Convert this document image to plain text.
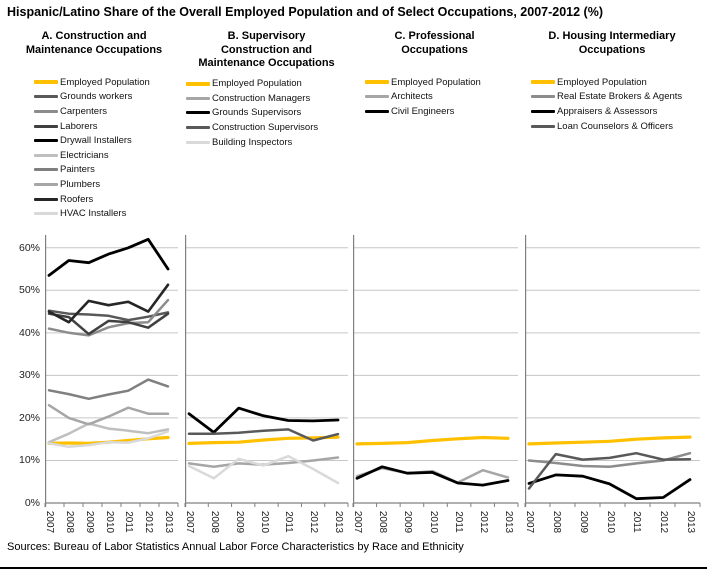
Hispanic/Latino Share of the Overall Employed Population and of Select Occupations, 2007-2012 (%)
A. Construction and
Maintenance Occupations
Employed Population
Grounds workers
Carpenters
Laborers
Drywall Installers
Electricians
Painters
Plumbers
Roofers
HVAC Installers
B. Supervisory
Construction and
Maintenance Occupations
Employed Population
Construction Managers
Grounds Supervisors
Construction Supervisors
Building Inspectors
C. Professional
Occupations
Employed Population
Architects
Civil Engineers
D. Housing Intermediary
Occupations
Employed Population
Real Estate Brokers & Agents
Appraisers & Assessors
Loan Counselors & Officers
2007 2008 2009 2010 2011 2012 2013 2007 2008 2009 2010 2011 2012 2013 2007 2008 2009 2010 2011 2012 2013 2007 2008 2009 2010 2011 2012 2013
0%
10%
20%
30%
40%
50%
60%
Sources: Bureau of Labor Statistics Annual Labor Force Characteristics by Race and Ethnicity
